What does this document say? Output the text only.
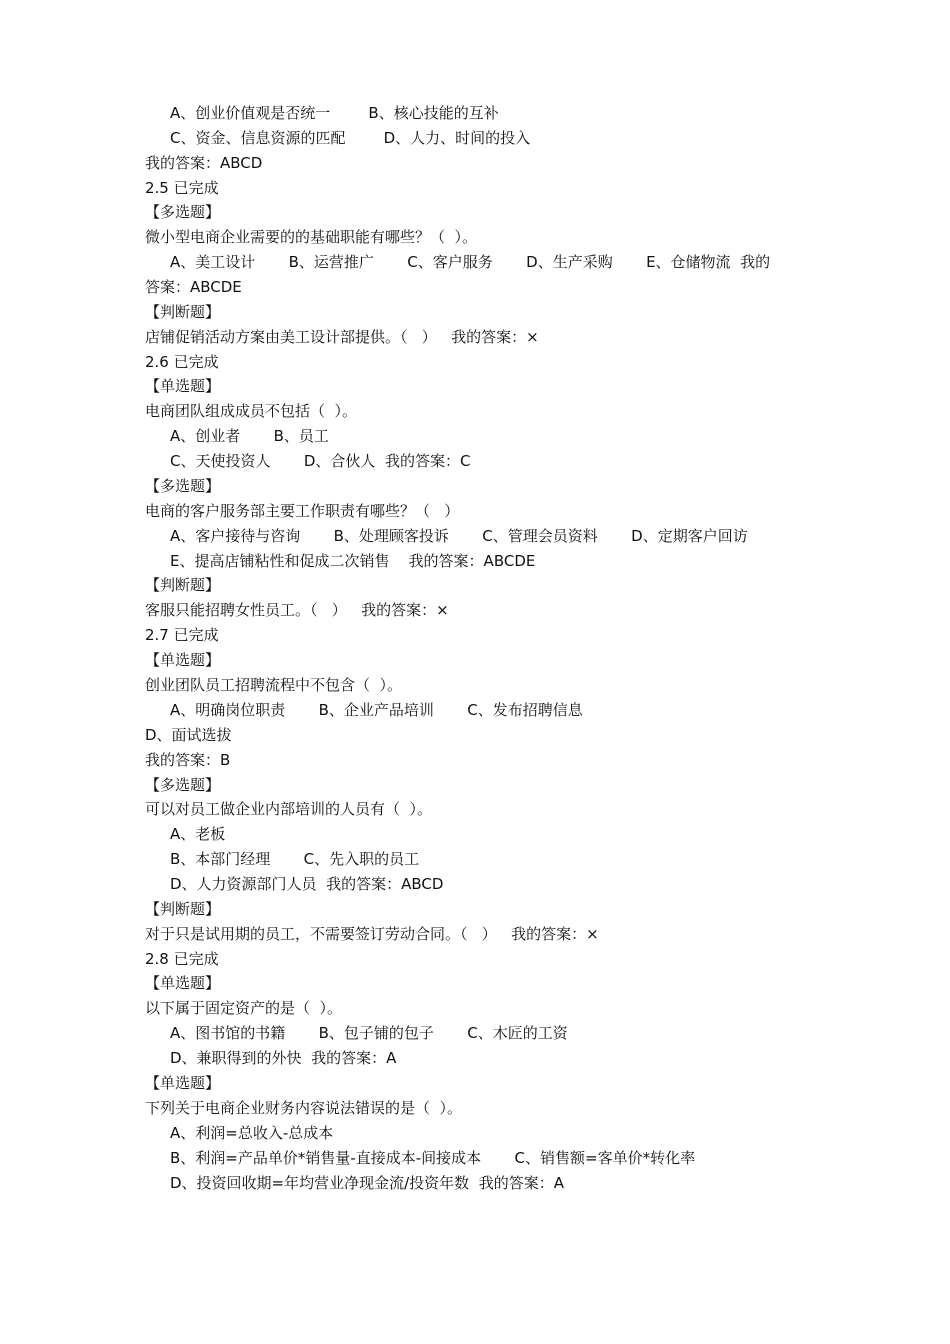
A、创业价值观是否统一        B、核心技能的互补
C、资金、信息资源的匹配        D、人力、时间的投入
我的答案：ABCD
2.5 已完成
【多选题】
微小型电商企业需要的的基础职能有哪些？（  ）。
A、美工设计       B、运营推广       C、客户服务       D、生产采购       E、仓储物流  我的
答案：ABCDE
【判断题】
店铺促销活动方案由美工设计部提供。（   ）   我的答案：×
2.6 已完成
【单选题】
电商团队组成成员不包括（  ）。
A、创业者       B、员工
C、天使投资人       D、合伙人  我的答案：C
【多选题】
电商的客户服务部主要工作职责有哪些？（   ）
A、客户接待与咨询       B、处理顾客投诉       C、管理会员资料       D、定期客户回访
E、提高店铺粘性和促成二次销售    我的答案：ABCDE
【判断题】
客服只能招聘女性员工。（   ）   我的答案：×
2.7 已完成
【单选题】
创业团队员工招聘流程中不包含（  ）。
A、明确岗位职责       B、企业产品培训       C、发布招聘信息
D、面试选拔
我的答案：B
【多选题】
可以对员工做企业内部培训的人员有（  ）。
A、老板
B、本部门经理       C、先入职的员工
D、人力资源部门人员  我的答案：ABCD
【判断题】
对于只是试用期的员工，不需要签订劳动合同。（   ）   我的答案：×
2.8 已完成
【单选题】
以下属于固定资产的是（  ）。
A、图书馆的书籍       B、包子铺的包子       C、木匠的工资
D、兼职得到的外快  我的答案：A
【单选题】
下列关于电商企业财务内容说法错误的是（  ）。
A、利润=总收入-总成本
B、利润=产品单价*销售量-直接成本-间接成本       C、销售额=客单价*转化率
D、投资回收期=年均营业净现金流/投资年数  我的答案：A
